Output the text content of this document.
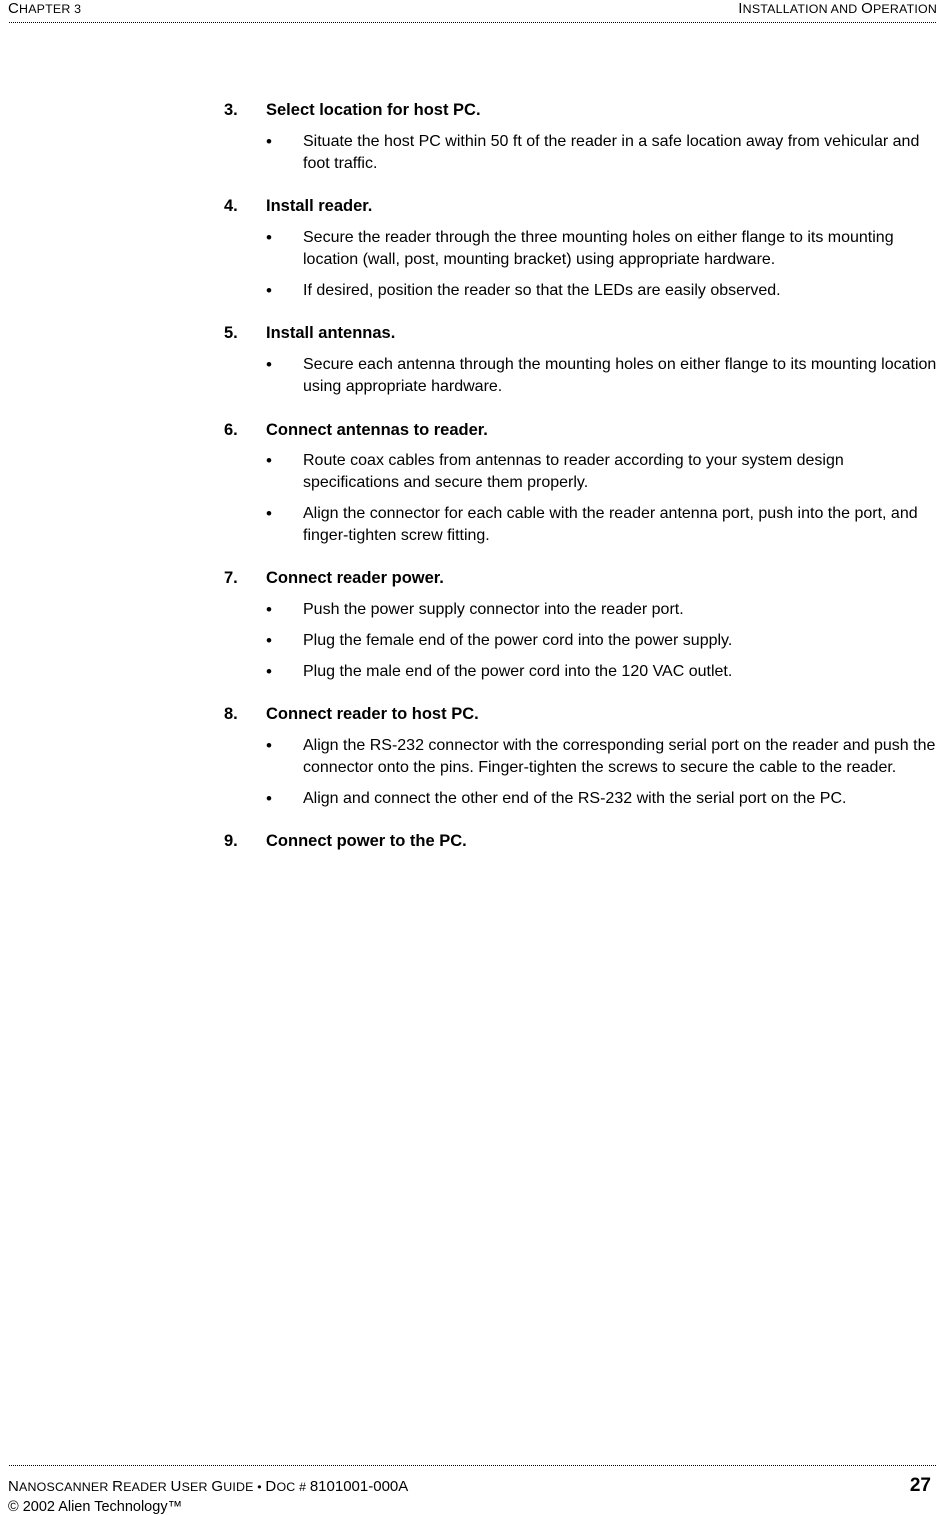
CHAPTER 3	INSTALLATION AND OPERATION
3.	Select location for host PC.
•	Situate the host PC within 50 ft of the reader in a safe location away from vehicular and foot traffic.
4.	Install reader.
•	Secure the reader through the three mounting holes on either flange to its mounting location (wall, post, mounting bracket) using appropriate hardware.
•	If desired, position the reader so that the LEDs are easily observed.
5.	Install antennas.
•	Secure each antenna through the mounting holes on either flange to its mounting location using appropriate hardware.
6.	Connect antennas to reader.
•	Route coax cables from antennas to reader according to your system design specifications and secure them properly.
•	Align the connector for each cable with the reader antenna port, push into the port, and finger-tighten screw fitting.
7.	Connect reader power.
•	Push the power supply connector into the reader port.
•	Plug the female end of the power cord into the power supply.
•	Plug the male end of the power cord into the 120 VAC outlet.
8.	Connect reader to host PC.
•	Align the RS-232 connector with the corresponding serial port on the reader and push the connector onto the pins. Finger-tighten the screws to secure the cable to the reader.
•	Align and connect the other end of the RS-232 with the serial port on the PC.
9.	Connect power to the PC.
NANOSCANNER READER USER GUIDE • DOC # 8101001-000A	27
© 2002 Alien Technology™
